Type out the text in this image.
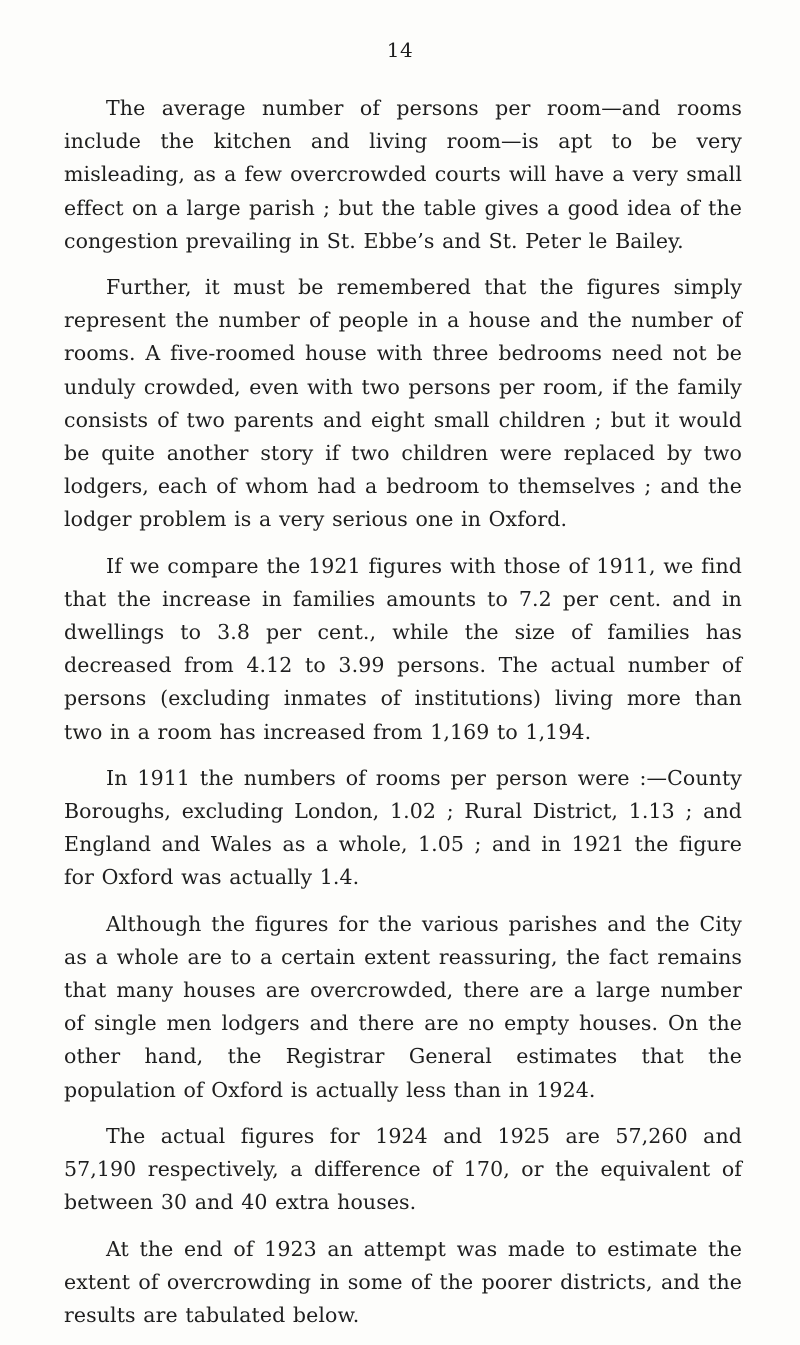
14

The average number of persons per room—and rooms include the kitchen and living room—is apt to be very misleading, as a few overcrowded courts will have a very small effect on a large parish ; but the table gives a good idea of the congestion prevailing in St. Ebbe’s and St. Peter le Bailey.

Further, it must be remembered that the figures simply represent the number of people in a house and the number of rooms. A five-roomed house with three bedrooms need not be unduly crowded, even with two persons per room, if the family consists of two parents and eight small children ; but it would be quite another story if two children were replaced by two lodgers, each of whom had a bedroom to themselves ; and the lodger problem is a very serious one in Oxford.

If we compare the 1921 figures with those of 1911, we find that the increase in families amounts to 7.2 per cent. and in dwellings to 3.8 per cent., while the size of families has decreased from 4.12 to 3.99 persons. The actual number of persons (excluding inmates of institutions) living more than two in a room has increased from 1,169 to 1,194.

In 1911 the numbers of rooms per person were :—County Boroughs, excluding London, 1.02 ; Rural District, 1.13 ; and England and Wales as a whole, 1.05 ; and in 1921 the figure for Oxford was actually 1.4.

Although the figures for the various parishes and the City as a whole are to a certain extent reassuring, the fact remains that many houses are overcrowded, there are a large number of single men lodgers and there are no empty houses. On the other hand, the Registrar General estimates that the population of Oxford is actually less than in 1924.

The actual figures for 1924 and 1925 are 57,260 and 57,190 respectively, a difference of 170, or the equivalent of between 30 and 40 extra houses.

At the end of 1923 an attempt was made to estimate the extent of overcrowding in some of the poorer districts, and the results are tabulated below.
